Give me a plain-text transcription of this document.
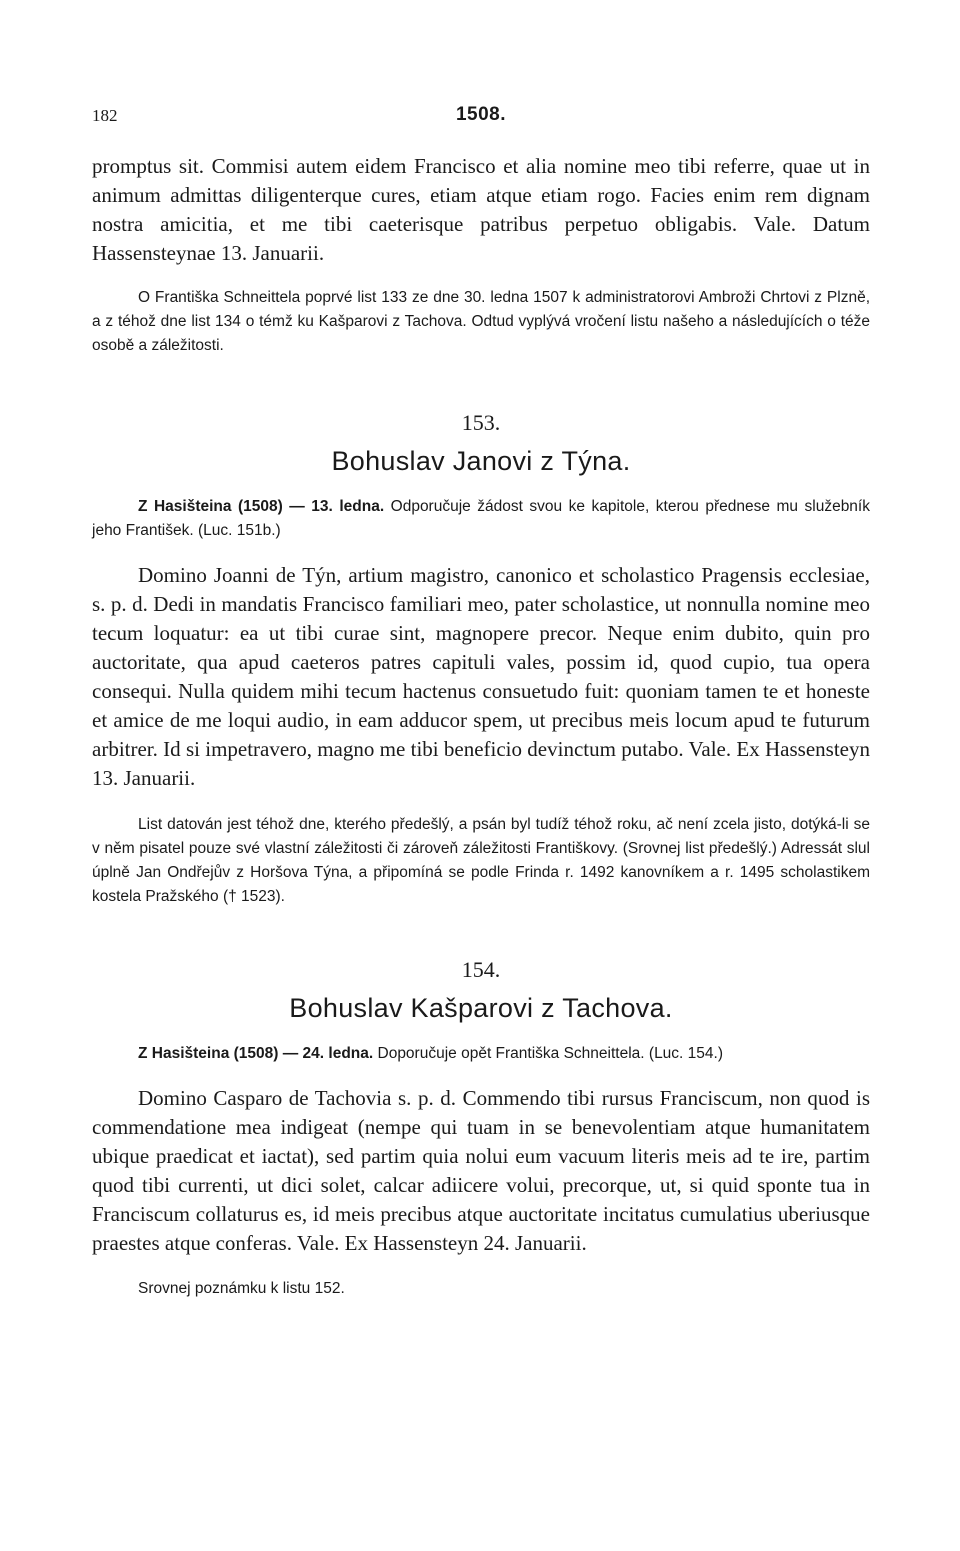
182	1508.

promptus sit. Commisi autem eidem Francisco et alia nomine meo tibi referre, quae ut in animum admittas diligenterque cures, etiam atque etiam rogo. Facies enim rem dignam nostra amicitia, et me tibi caeterisque patribus perpetuo obligabis. Vale. Datum Hassensteynae 13. Januarii.

O Františka Schneittela poprvé list 133 ze dne 30. ledna 1507 k administratorovi Ambroži Chrtovi z Plzně, a z téhož dne list 134 o témž ku Kašparovi z Tachova. Odtud vyplývá vročení listu našeho a následujících o téže osobě a záležitosti.

153.

Bohuslav Janovi z Týna.

Z Hasišteina (1508) — 13. ledna. Odporučuje žádost svou ke kapitole, kterou přednese mu služebník jeho František. (Luc. 151b.)

Domino Joanni de Týn, artium magistro, canonico et scholastico Pragensis ecclesiae, s. p. d. Dedi in mandatis Francisco familiari meo, pater scholastice, ut nonnulla nomine meo tecum loquatur: ea ut tibi curae sint, magnopere precor. Neque enim dubito, quin pro auctoritate, qua apud caeteros patres capituli vales, possim id, quod cupio, tua opera consequi. Nulla quidem mihi tecum hactenus consuetudo fuit: quoniam tamen te et honeste et amice de me loqui audio, in eam adducor spem, ut precibus meis locum apud te futurum arbitrer. Id si impetravero, magno me tibi beneficio devinctum putabo. Vale. Ex Hassensteyn 13. Januarii.

List datován jest téhož dne, kterého předešlý, a psán byl tudíž téhož roku, ač není zcela jisto, dotýká-li se v něm pisatel pouze své vlastní záležitosti či zároveň záležitosti Františkovy. (Srovnej list předešlý.) Adressát slul úplně Jan Ondřejův z Horšova Týna, a připomíná se podle Frinda r. 1492 kanovníkem a r. 1495 scholastikem kostela Pražského († 1523).

154.

Bohuslav Kašparovi z Tachova.

Z Hasišteina (1508) — 24. ledna. Doporučuje opět Františka Schneittela. (Luc. 154.)

Domino Casparo de Tachovia s. p. d. Commendo tibi rursus Franciscum, non quod is commendatione mea indigeat (nempe qui tuam in se benevolentiam atque humanitatem ubique praedicat et iactat), sed partim quia nolui eum vacuum literis meis ad te ire, partim quod tibi currenti, ut dici solet, calcar adiicere volui, precorque, ut, si quid sponte tua in Franciscum collaturus es, id meis precibus atque auctoritate incitatus cumulatius uberiusque praestes atque conferas. Vale. Ex Hassensteyn 24. Januarii.

Srovnej poznámku k listu 152.
